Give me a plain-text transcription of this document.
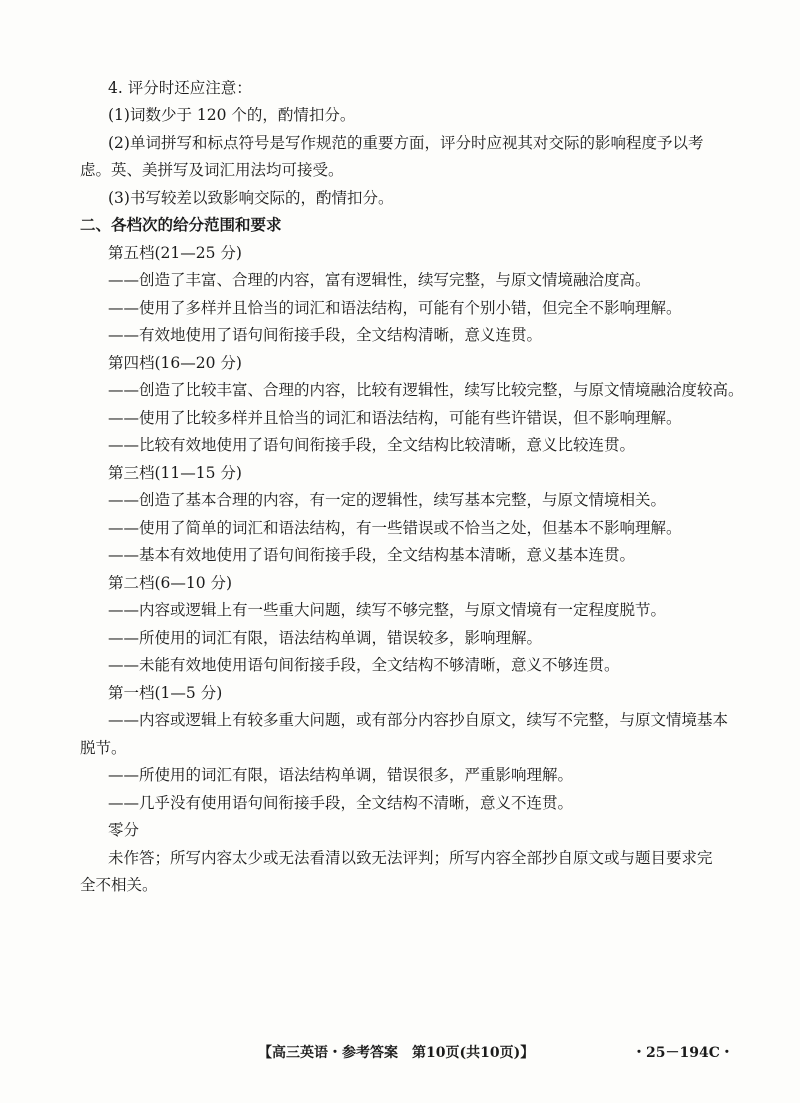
4. 评分时还应注意：
(1)词数少于 120 个的，酌情扣分。
(2)单词拼写和标点符号是写作规范的重要方面，评分时应视其对交际的影响程度予以考
虑。英、美拼写及词汇用法均可接受。
(3)书写较差以致影响交际的，酌情扣分。
二、各档次的给分范围和要求
第五档(21—25 分)
——创造了丰富、合理的内容，富有逻辑性，续写完整，与原文情境融洽度高。
——使用了多样并且恰当的词汇和语法结构，可能有个别小错，但完全不影响理解。
——有效地使用了语句间衔接手段，全文结构清晰，意义连贯。
第四档(16—20 分)
——创造了比较丰富、合理的内容，比较有逻辑性，续写比较完整，与原文情境融洽度较高。
——使用了比较多样并且恰当的词汇和语法结构，可能有些许错误，但不影响理解。
——比较有效地使用了语句间衔接手段，全文结构比较清晰，意义比较连贯。
第三档(11—15 分)
——创造了基本合理的内容，有一定的逻辑性，续写基本完整，与原文情境相关。
——使用了简单的词汇和语法结构，有一些错误或不恰当之处，但基本不影响理解。
——基本有效地使用了语句间衔接手段，全文结构基本清晰，意义基本连贯。
第二档(6—10 分)
——内容或逻辑上有一些重大问题，续写不够完整，与原文情境有一定程度脱节。
——所使用的词汇有限，语法结构单调，错误较多，影响理解。
——未能有效地使用语句间衔接手段，全文结构不够清晰，意义不够连贯。
第一档(1—5 分)
——内容或逻辑上有较多重大问题，或有部分内容抄自原文，续写不完整，与原文情境基本
脱节。
——所使用的词汇有限，语法结构单调，错误很多，严重影响理解。
——几乎没有使用语句间衔接手段，全文结构不清晰，意义不连贯。
零分
未作答；所写内容太少或无法看清以致无法评判；所写内容全部抄自原文或与题目要求完
全不相关。
【高三英语・参考答案　第10页(共10页)】	・25－194C・
